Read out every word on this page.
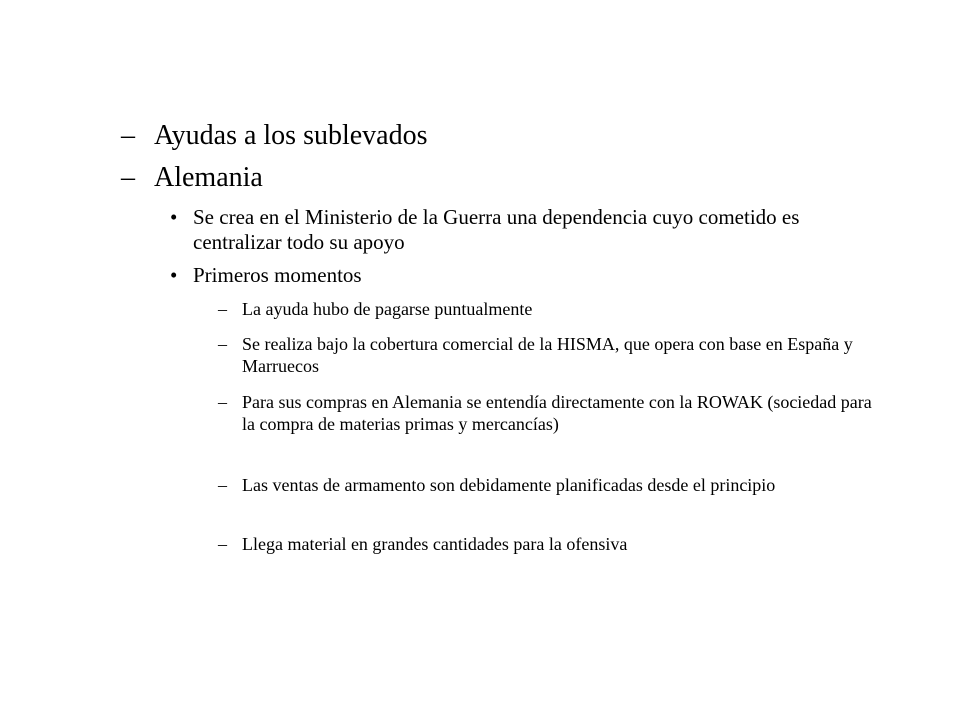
– Ayudas a los sublevados
– Alemania
• Se crea en el Ministerio de la Guerra una dependencia cuyo cometido es centralizar todo su apoyo
• Primeros momentos
– La ayuda hubo de pagarse puntualmente
– Se realiza bajo la cobertura comercial de la HISMA, que opera con base en España y Marruecos
– Para sus compras en Alemania se entendía directamente con la ROWAK (sociedad para la compra de materias primas y mercancías)
– Las ventas de armamento son debidamente planificadas desde el principio
– Llega material en grandes cantidades para la ofensiva
